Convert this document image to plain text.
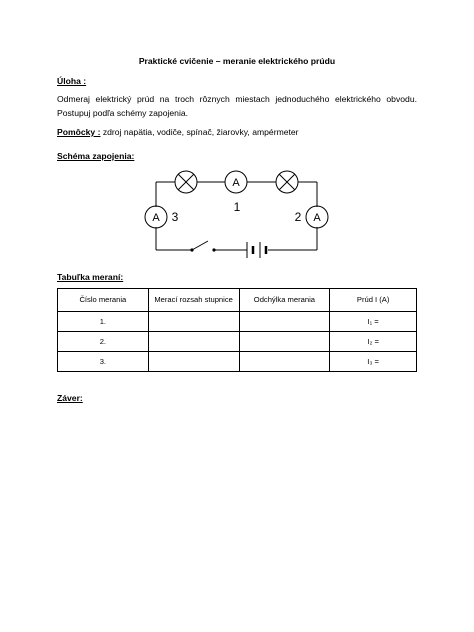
Praktické cvičenie – meranie elektrického prúdu
Úloha :
Odmeraj elektrický prúd na troch rôznych miestach jednoduchého elektrického obvodu. Postupuj podľa schémy zapojenia.
Pomôcky : zdroj napätia, vodiče, spínač, žiarovky, ampérmeter
Schéma zapojenia:
A
A	A
1
2
3
Tabuľka meraní:
Číslo merania	Merací rozsah stupnice	Odchýlka merania	Prúd I (A)
1.			I₁ =
2.			I₂ =
3.			I₃ =
Záver:
